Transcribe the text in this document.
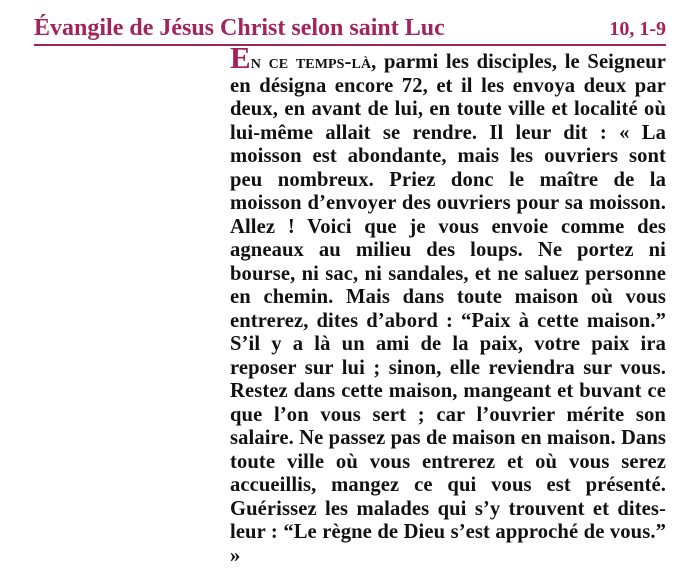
Évangile de Jésus Christ selon saint Luc	10, 1-9
En ce temps-là, parmi les disciples, le Seigneur en désigna encore 72, et il les envoya deux par deux, en avant de lui, en toute ville et localité où lui-même allait se rendre. Il leur dit : « La moisson est abondante, mais les ouvriers sont peu nombreux. Priez donc le maître de la moisson d’envoyer des ouvriers pour sa moisson. Allez ! Voici que je vous envoie comme des agneaux au milieu des loups. Ne portez ni bourse, ni sac, ni sandales, et ne saluez personne en chemin. Mais dans toute maison où vous entrerez, dites d’abord : “Paix à cette maison.” S’il y a là un ami de la paix, votre paix ira reposer sur lui ; sinon, elle reviendra sur vous. Restez dans cette maison, mangeant et buvant ce que l’on vous sert ; car l’ouvrier mérite son salaire. Ne passez pas de maison en maison. Dans toute ville où vous entrerez et où vous serez accueillis, mangez ce qui vous est présenté. Guérissez les malades qui s’y trouvent et dites-leur : “Le règne de Dieu s’est approché de vous.” »
